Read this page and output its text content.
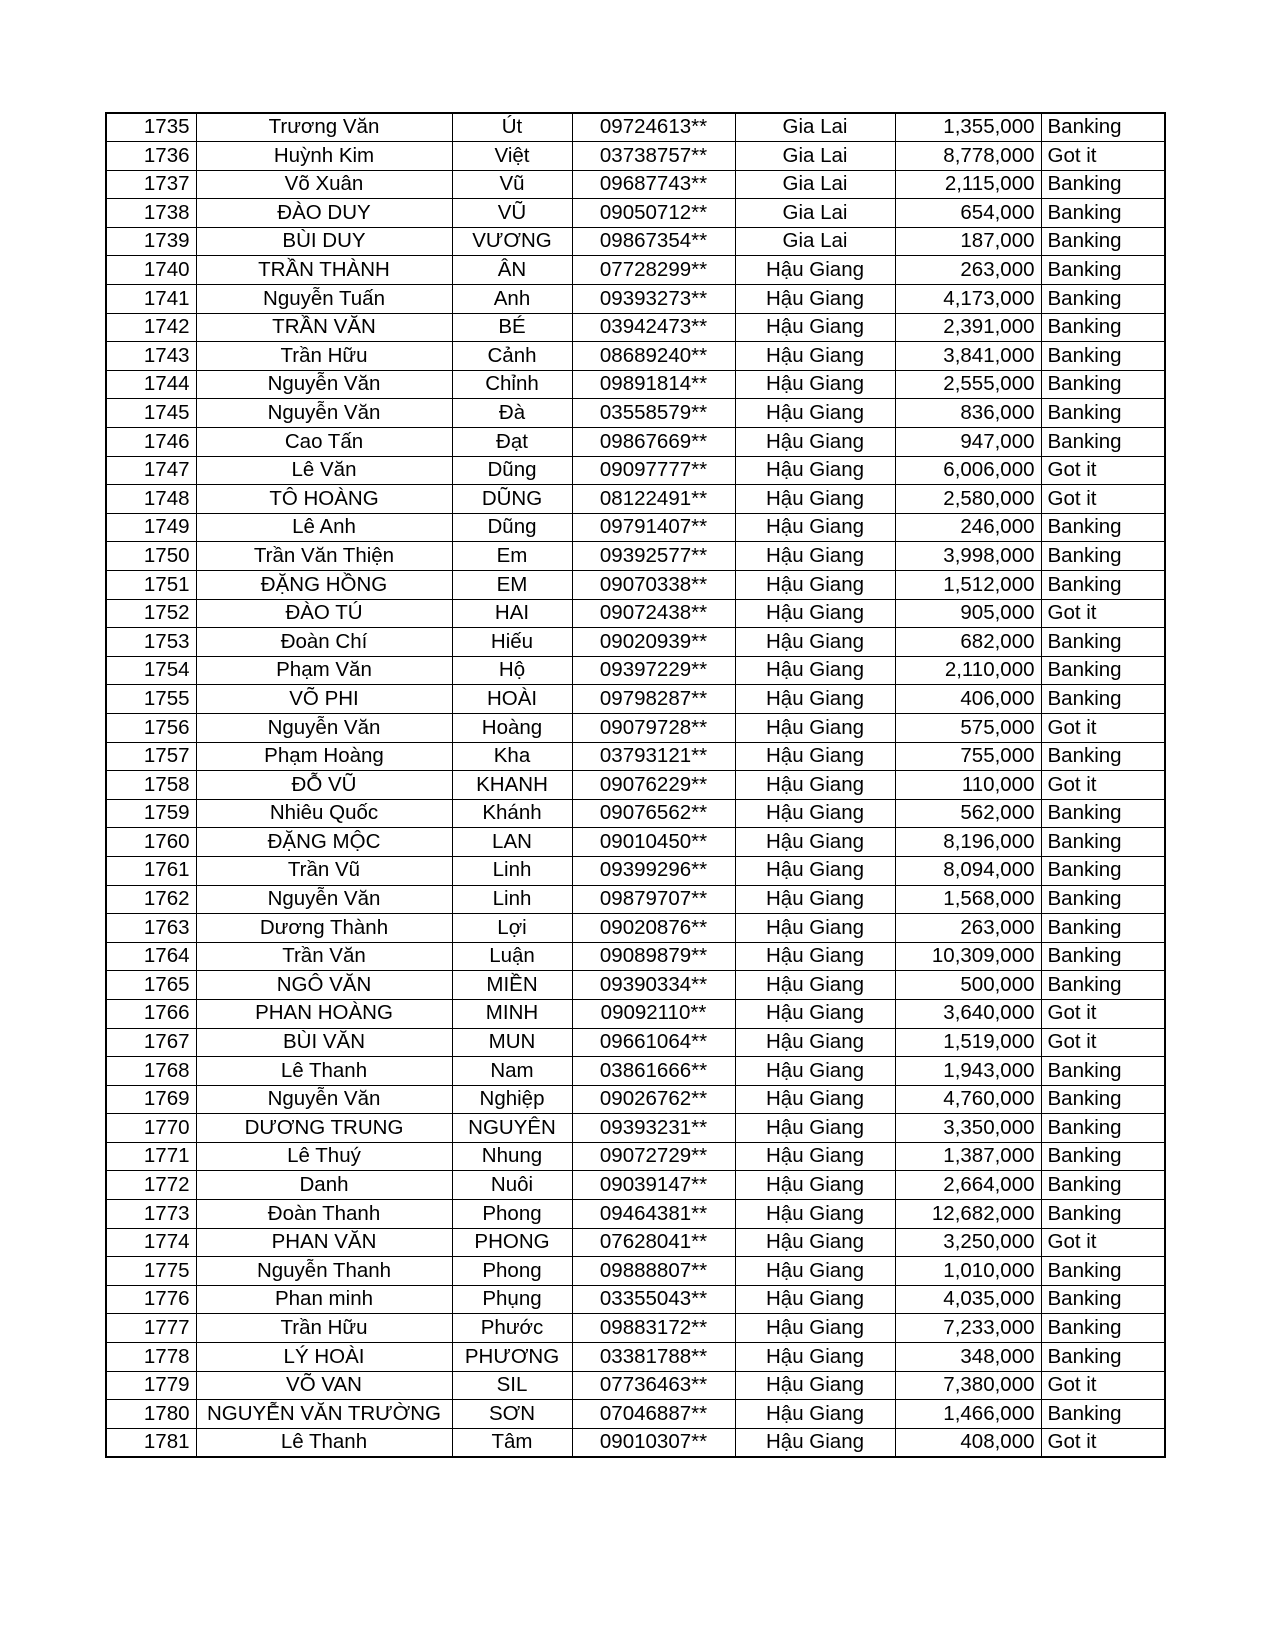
1735	Trương Văn	Út	09724613**	Gia Lai	1,355,000	Banking
1736	Huỳnh Kim	Việt	03738757**	Gia Lai	8,778,000	Got it
1737	Võ Xuân	Vũ	09687743**	Gia Lai	2,115,000	Banking
1738	ĐÀO DUY	VŨ	09050712**	Gia Lai	654,000	Banking
1739	BÙI DUY	VƯƠNG	09867354**	Gia Lai	187,000	Banking
1740	TRẦN THÀNH	ÂN	07728299**	Hậu Giang	263,000	Banking
1741	Nguyễn Tuấn	Anh	09393273**	Hậu Giang	4,173,000	Banking
1742	TRẦN VĂN	BÉ	03942473**	Hậu Giang	2,391,000	Banking
1743	Trần Hữu	Cảnh	08689240**	Hậu Giang	3,841,000	Banking
1744	Nguyễn Văn	Chỉnh	09891814**	Hậu Giang	2,555,000	Banking
1745	Nguyễn Văn	Đà	03558579**	Hậu Giang	836,000	Banking
1746	Cao Tấn	Đạt	09867669**	Hậu Giang	947,000	Banking
1747	Lê Văn	Dũng	09097777**	Hậu Giang	6,006,000	Got it
1748	TÔ HOÀNG	DŨNG	08122491**	Hậu Giang	2,580,000	Got it
1749	Lê Anh	Dũng	09791407**	Hậu Giang	246,000	Banking
1750	Trần Văn Thiện	Em	09392577**	Hậu Giang	3,998,000	Banking
1751	ĐẶNG HỒNG	EM	09070338**	Hậu Giang	1,512,000	Banking
1752	ĐÀO TÚ	HAI	09072438**	Hậu Giang	905,000	Got it
1753	Đoàn Chí	Hiếu	09020939**	Hậu Giang	682,000	Banking
1754	Phạm Văn	Hộ	09397229**	Hậu Giang	2,110,000	Banking
1755	VÕ PHI	HOÀI	09798287**	Hậu Giang	406,000	Banking
1756	Nguyễn Văn	Hoàng	09079728**	Hậu Giang	575,000	Got it
1757	Phạm Hoàng	Kha	03793121**	Hậu Giang	755,000	Banking
1758	ĐỖ VŨ	KHANH	09076229**	Hậu Giang	110,000	Got it
1759	Nhiêu Quốc	Khánh	09076562**	Hậu Giang	562,000	Banking
1760	ĐẶNG MỘC	LAN	09010450**	Hậu Giang	8,196,000	Banking
1761	Trần Vũ	Linh	09399296**	Hậu Giang	8,094,000	Banking
1762	Nguyễn Văn	Linh	09879707**	Hậu Giang	1,568,000	Banking
1763	Dương Thành	Lợi	09020876**	Hậu Giang	263,000	Banking
1764	Trần Văn	Luận	09089879**	Hậu Giang	10,309,000	Banking
1765	NGÔ VĂN	MIỀN	09390334**	Hậu Giang	500,000	Banking
1766	PHAN HOÀNG	MINH	09092110**	Hậu Giang	3,640,000	Got it
1767	BÙI VĂN	MUN	09661064**	Hậu Giang	1,519,000	Got it
1768	Lê Thanh	Nam	03861666**	Hậu Giang	1,943,000	Banking
1769	Nguyễn Văn	Nghiệp	09026762**	Hậu Giang	4,760,000	Banking
1770	DƯƠNG TRUNG	NGUYÊN	09393231**	Hậu Giang	3,350,000	Banking
1771	Lê Thuý	Nhung	09072729**	Hậu Giang	1,387,000	Banking
1772	Danh	Nuôi	09039147**	Hậu Giang	2,664,000	Banking
1773	Đoàn Thanh	Phong	09464381**	Hậu Giang	12,682,000	Banking
1774	PHAN VĂN	PHONG	07628041**	Hậu Giang	3,250,000	Got it
1775	Nguyễn Thanh	Phong	09888807**	Hậu Giang	1,010,000	Banking
1776	Phan minh	Phụng	03355043**	Hậu Giang	4,035,000	Banking
1777	Trần Hữu	Phước	09883172**	Hậu Giang	7,233,000	Banking
1778	LÝ HOÀI	PHƯƠNG	03381788**	Hậu Giang	348,000	Banking
1779	VÕ VAN	SIL	07736463**	Hậu Giang	7,380,000	Got it
1780	NGUYỄN VĂN TRƯỜNG	SƠN	07046887**	Hậu Giang	1,466,000	Banking
1781	Lê Thanh	Tâm	09010307**	Hậu Giang	408,000	Got it
